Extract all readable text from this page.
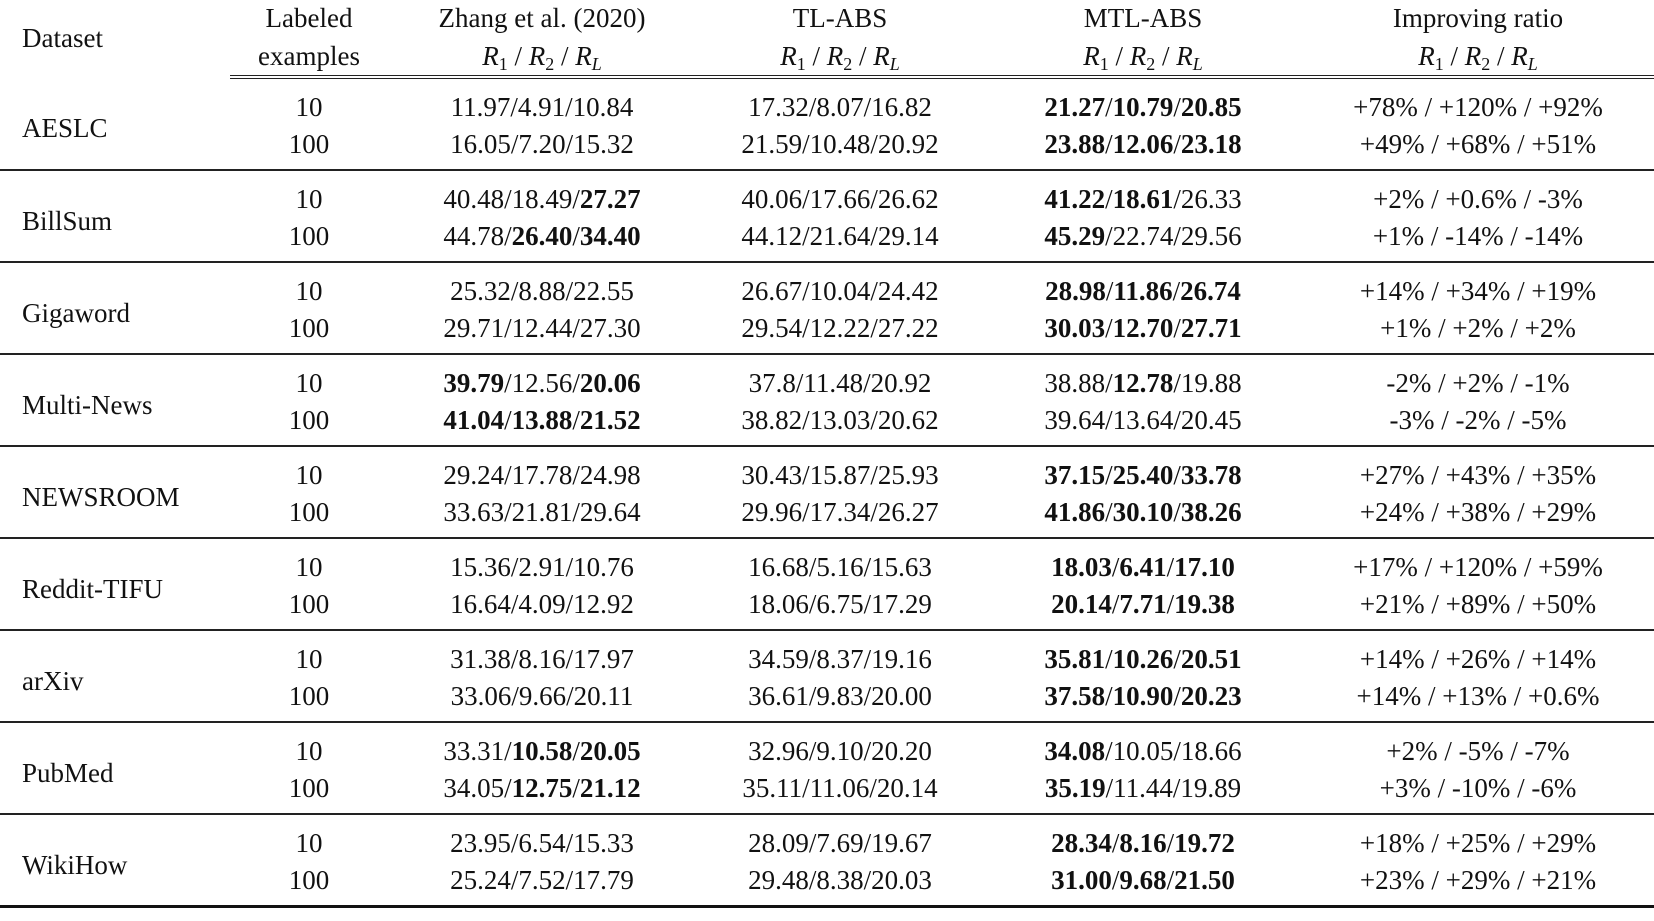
Dataset	Labeled	Zhang et al. (2020)	TL-ABS	MTL-ABS	Improving ratio
	examples	$R_1 / R_2 / R_L$	$R_1 / R_2 / R_L$	$R_1 / R_2 / R_L$	$R_1 / R_2 / R_L$
AESLC	10	11.97/4.91/10.84	17.32/8.07/16.82	21.27/10.79/20.85	+78% / +120% / +92%
	100	16.05/7.20/15.32	21.59/10.48/20.92	23.88/12.06/23.18	+49% / +68% / +51%
BillSum	10	40.48/18.49/27.27	40.06/17.66/26.62	41.22/18.61/26.33	+2% / +0.6% / -3%
	100	44.78/26.40/34.40	44.12/21.64/29.14	45.29/22.74/29.56	+1% / -14% / -14%
Gigaword	10	25.32/8.88/22.55	26.67/10.04/24.42	28.98/11.86/26.74	+14% / +34% / +19%
	100	29.71/12.44/27.30	29.54/12.22/27.22	30.03/12.70/27.71	+1% / +2% / +2%
Multi-News	10	39.79/12.56/20.06	37.8/11.48/20.92	38.88/12.78/19.88	-2% / +2% / -1%
	100	41.04/13.88/21.52	38.82/13.03/20.62	39.64/13.64/20.45	-3% / -2% / -5%
NEWSROOM	10	29.24/17.78/24.98	30.43/15.87/25.93	37.15/25.40/33.78	+27% / +43% / +35%
	100	33.63/21.81/29.64	29.96/17.34/26.27	41.86/30.10/38.26	+24% / +38% / +29%
Reddit-TIFU	10	15.36/2.91/10.76	16.68/5.16/15.63	18.03/6.41/17.10	+17% / +120% / +59%
	100	16.64/4.09/12.92	18.06/6.75/17.29	20.14/7.71/19.38	+21% / +89% / +50%
arXiv	10	31.38/8.16/17.97	34.59/8.37/19.16	35.81/10.26/20.51	+14% / +26% / +14%
	100	33.06/9.66/20.11	36.61/9.83/20.00	37.58/10.90/20.23	+14% / +13% / +0.6%
PubMed	10	33.31/10.58/20.05	32.96/9.10/20.20	34.08/10.05/18.66	+2% / -5% / -7%
	100	34.05/12.75/21.12	35.11/11.06/20.14	35.19/11.44/19.89	+3% / -10% / -6%
WikiHow	10	23.95/6.54/15.33	28.09/7.69/19.67	28.34/8.16/19.72	+18% / +25% / +29%
	100	25.24/7.52/17.79	29.48/8.38/20.03	31.00/9.68/21.50	+23% / +29% / +21%
